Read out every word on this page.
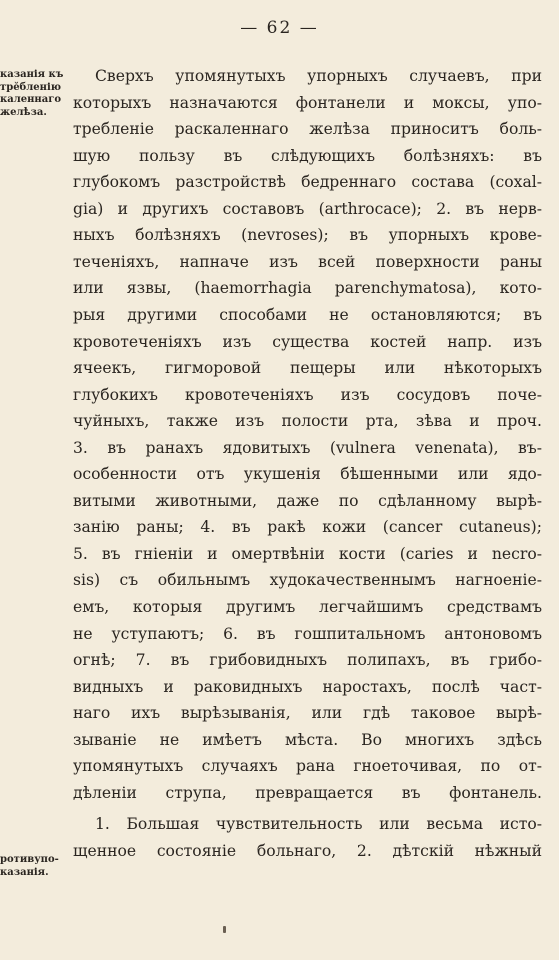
— 62 —
казанія къ
трӗбленію
каленнаго
желѣза.
ротивупо-
казанія.
Сверхъ упомянутыхъ упорныхъ случаевъ, при
которыхъ назначаются фонтанели и моксы, упо-
требленіе раскаленнаго желѣза приноситъ боль-
шую пользу въ слѣдующихъ болѣзняхъ: въ
глубокомъ разстройствѣ бедреннаго состава (coxal-
gia) и другихъ составовъ (arthrocace); 2. въ нерв-
ныхъ болѣзняхъ (nevroses); въ упорныхъ крове-
теченіяхъ, напначе изъ всей поверхности раны
или язвы, (haemorrhagia parenchymatosa), кото-
рыя другими способами не остановляются; въ
кровотеченіяхъ изъ существа костей напр. изъ
ячеекъ, гигморовой пещеры или нѣкоторыхъ
глубокихъ кровотеченіяхъ изъ сосудовъ поче-
чуйныхъ, также изъ полости рта, зѣва и проч.
3. въ ранахъ ядовитыхъ (vulnera venenata), въ-
особенности отъ укушенія бѣшенными или ядо-
витыми животными, даже по сдѣланному вырѣ-
занію раны; 4. въ ракѣ кожи (cancer cutaneus);
5. въ гніеніи и омертвѣніи кости (caries и necro-
sis) съ обильнымъ худокачественнымъ нагноеніе-
емъ, которыя другимъ легчайшимъ средствамъ
не уступаютъ; 6. въ гошпитальномъ антоновомъ
огнѣ; 7. въ грибовидныхъ полипахъ, въ грибо-
видныхъ и раковидныхъ наростахъ, послѣ част-
наго ихъ вырѣзыванія, или гдѣ таковое вырѣ-
зываніе не имѣетъ мѣста. Во многихъ здѣсь
упомянутыхъ случаяхъ рана гноеточивая, по от-
дѣленіи струпа, превращается въ фонтанель.
1. Большая чувствительность или весьма исто-
щенное состояніе больнаго, 2. дѣтскій нѣжный
